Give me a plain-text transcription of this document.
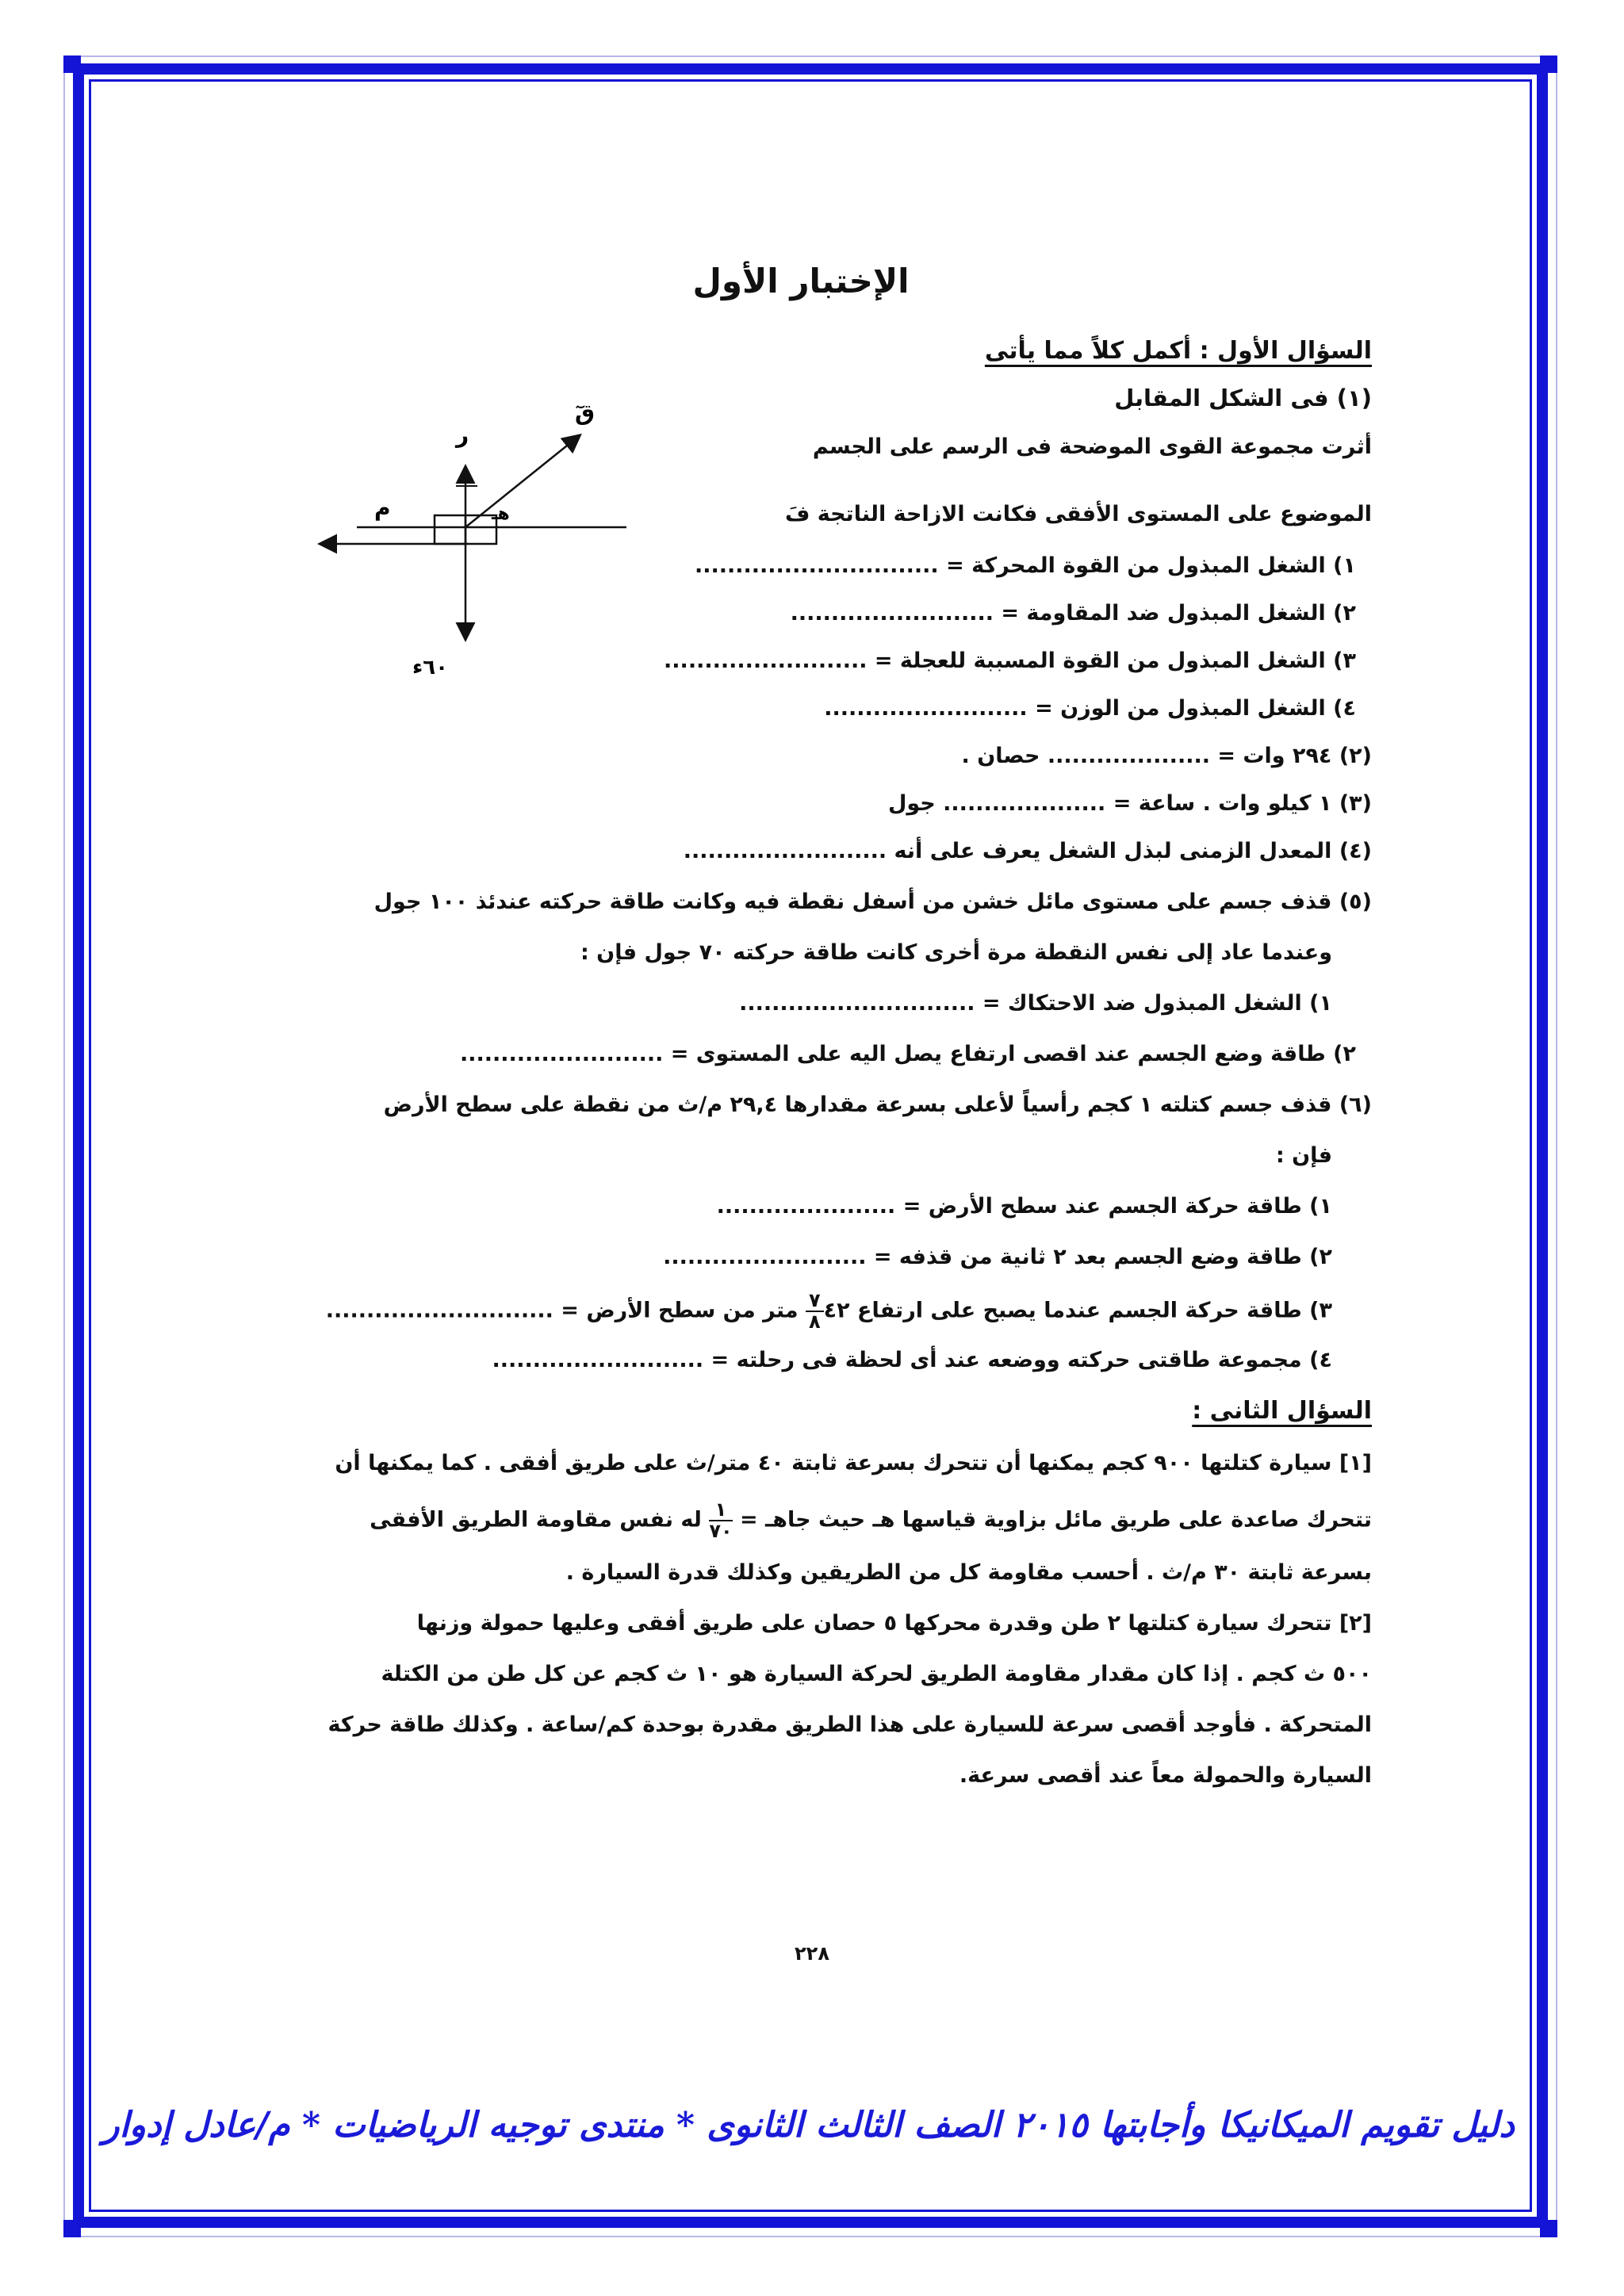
الإختبار الأول
السؤال الأول : أكمل كلاً مما يأتى
(١) فى الشكل المقابل
أثرت مجموعة القوى الموضحة فى الرسم على الجسم
الموضوع على المستوى الأفقى فكانت الازاحة الناتجة فَ
١) الشغل المبذول من القوة المحركة = ..............................
٢) الشغل المبذول ضد المقاومة = .........................
٣) الشغل المبذول من القوة المسببة للعجلة = .........................
٤) الشغل المبذول من الوزن = .........................
(٢) ٢٩٤ وات = .................... حصان .
(٣) ١ كيلو وات . ساعة = .................... جول
(٤) المعدل الزمنى لبذل الشغل يعرف على أنه .........................
(٥) قذف جسم على مستوى مائل خشن من أسفل نقطة فيه وكانت طاقة حركته عندئذ ١٠٠ جول
وعندما عاد إلى نفس النقطة مرة أخرى كانت طاقة حركته ٧٠ جول فإن :
١) الشغل المبذول ضد الاحتكاك = .............................
٢) طاقة وضع الجسم عند اقصى ارتفاع يصل اليه على المستوى = .........................
(٦) قذف جسم كتلته ١ كجم رأسياً لأعلى بسرعة مقدارها ٢٩,٤ م/ث من نقطة على سطح الأرض
فإن :
١) طاقة حركة الجسم عند سطح الأرض = ......................
٢) طاقة وضع الجسم بعد ٢ ثانية من قذفه = .........................
٣) طاقة حركة الجسم عندما يصبح على ارتفاع ٤٢
$\frac{٧}{٨}$
متر من سطح الأرض = ............................
٤) مجموعة طاقتى حركته ووضعه عند أى لحظة فى رحلته = ..........................
السؤال الثانى :
[١] سيارة كتلتها ٩٠٠ كجم يمكنها أن تتحرك بسرعة ثابتة ٤٠ متر/ث على طريق أفقى . كما يمكنها أن
تتحرك صاعدة على طريق مائل بزاوية قياسها هـ حيث جاهـ =
$\frac{١}{٧٠}$
له نفس مقاومة الطريق الأفقى
بسرعة ثابتة ٣٠ م/ث . أحسب مقاومة كل من الطريقين وكذلك قدرة السيارة .
[٢] تتحرك سيارة كتلتها ٢ طن وقدرة محركها ٥ حصان على طريق أفقى وعليها حمولة وزنها
٥٠٠ ث كجم . إذا كان مقدار مقاومة الطريق لحركة السيارة هو ١٠ ث كجم عن كل طن من الكتلة
المتحركة . فأوجد أقصى سرعة للسيارة على هذا الطريق مقدرة بوحدة كم/ساعة . وكذلك طاقة حركة
السيارة والحمولة معاً عند أقصى سرعة.
ر
قٓ
م	هـ
٦٠ء
٢٢٨
دليل تقويم الميكانيكا وأجابتها ٢٠١٥ الصف الثالث الثانوى * منتدى توجيه الرياضيات * م/عادل إدوار
